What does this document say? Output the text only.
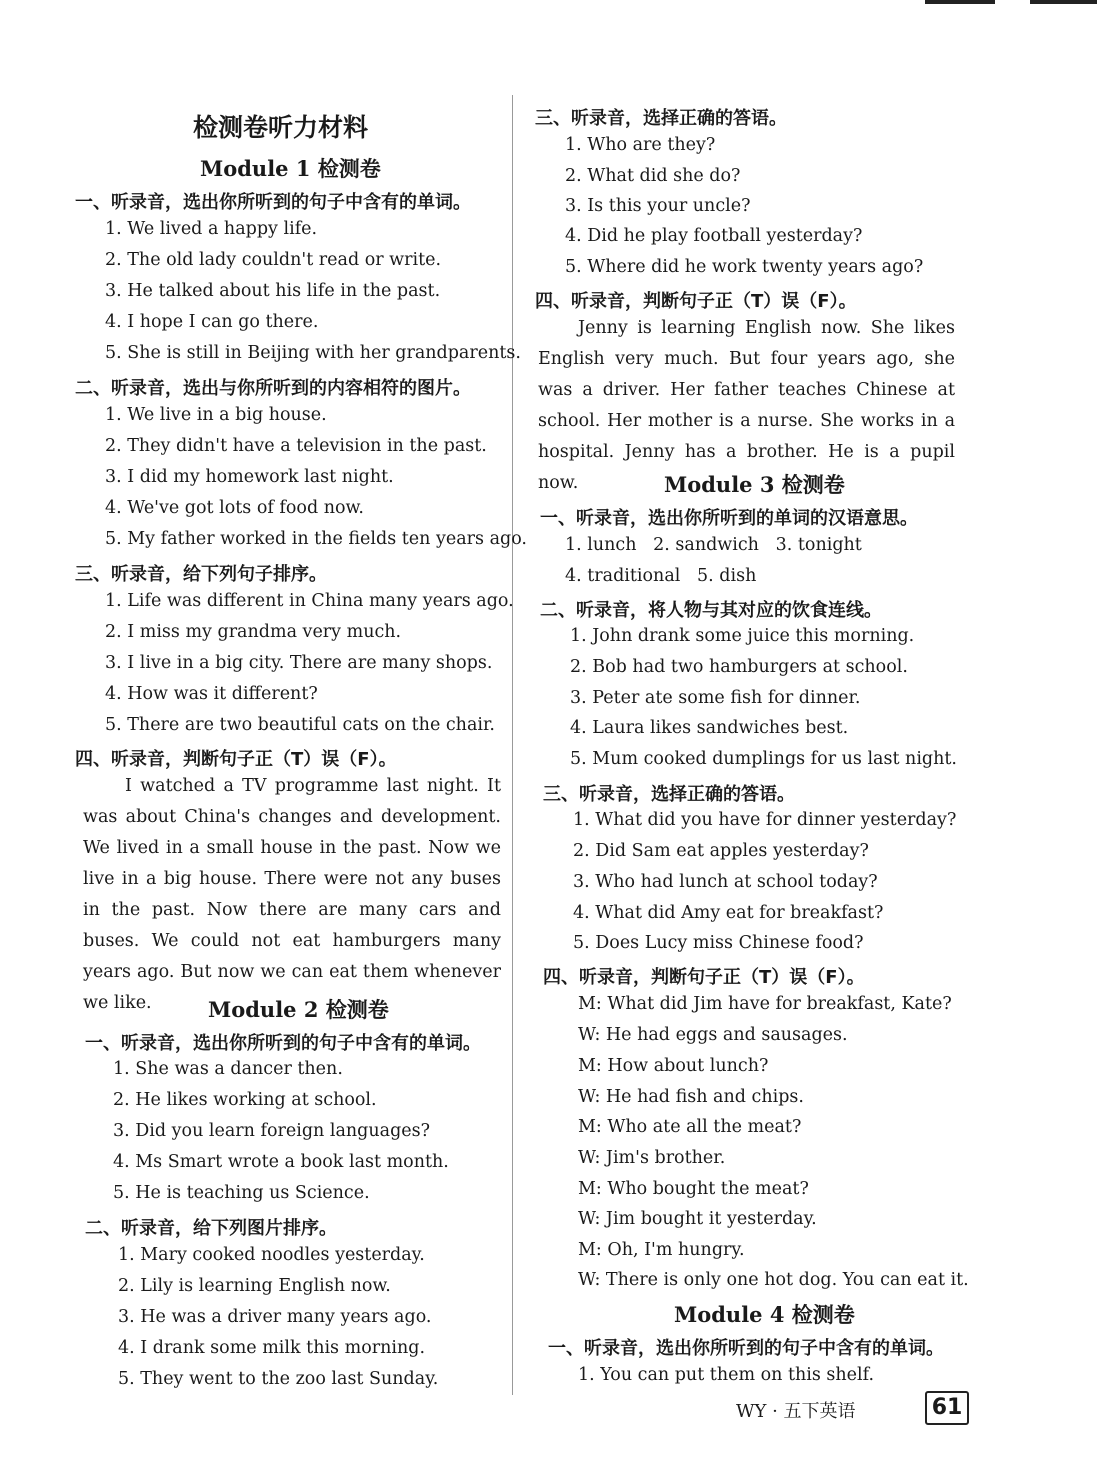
检测卷听力材料
Module 1 检测卷
一、听录音，选出你所听到的句子中含有的单词。
1. We lived a happy life.
2. The old lady couldn't read or write.
3. He talked about his life in the past.
4. I hope I can go there.
5. She is still in Beijing with her grandparents.
二、听录音，选出与你所听到的内容相符的图片。
1. We live in a big house.
2. They didn't have a television in the past.
3. I did my homework last night.
4. We've got lots of food now.
5. My father worked in the fields ten years ago.
三、听录音，给下列句子排序。
1. Life was different in China many years ago.
2. I miss my grandma very much.
3. I live in a big city. There are many shops.
4. How was it different?
5. There are two beautiful cats on the chair.
四、听录音，判断句子正（T）误（F）。
I watched a TV programme last night. It was about China's changes and development. We lived in a small house in the past. Now we live in a big house. There were not any buses in the past. Now there are many cars and buses. We could not eat hamburgers many years ago. But now we can eat them whenever we like.	Module 2 检测卷
一、听录音，选出你所听到的句子中含有的单词。
1. She was a dancer then.
2. He likes working at school.
3. Did you learn foreign languages?
4. Ms Smart wrote a book last month.
5. He is teaching us Science.
二、听录音，给下列图片排序。
1. Mary cooked noodles yesterday.
2. Lily is learning English now.
3. He was a driver many years ago.
4. I drank some milk this morning.
5. They went to the zoo last Sunday.
三、听录音，选择正确的答语。
1. Who are they?
2. What did she do?
3. Is this your uncle?
4. Did he play football yesterday?
5. Where did he work twenty years ago?
四、听录音，判断句子正（T）误（F）。
Jenny is learning English now. She likes English very much. But four years ago, she was a driver. Her father teaches Chinese at school. Her mother is a nurse. She works in a hospital. Jenny has a brother. He is a pupil now.	Module 3 检测卷
一、听录音，选出你所听到的单词的汉语意思。
1. lunch   2. sandwich   3. tonight
4. traditional   5. dish
二、听录音，将人物与其对应的饮食连线。
1. John drank some juice this morning.
2. Bob had two hamburgers at school.
3. Peter ate some fish for dinner.
4. Laura likes sandwiches best.
5. Mum cooked dumplings for us last night.
三、听录音，选择正确的答语。
1. What did you have for dinner yesterday?
2. Did Sam eat apples yesterday?
3. Who had lunch at school today?
4. What did Amy eat for breakfast?
5. Does Lucy miss Chinese food?
四、听录音，判断句子正（T）误（F）。
M: What did Jim have for breakfast, Kate?
W: He had eggs and sausages.
M: How about lunch?
W: He had fish and chips.
M: Who ate all the meat?
W: Jim's brother.
M: Who bought the meat?
W: Jim bought it yesterday.
M: Oh, I'm hungry.
W: There is only one hot dog. You can eat it.
Module 4 检测卷
一、听录音，选出你所听到的句子中含有的单词。
1. You can put them on this shelf.
WY · 五下英语	61
